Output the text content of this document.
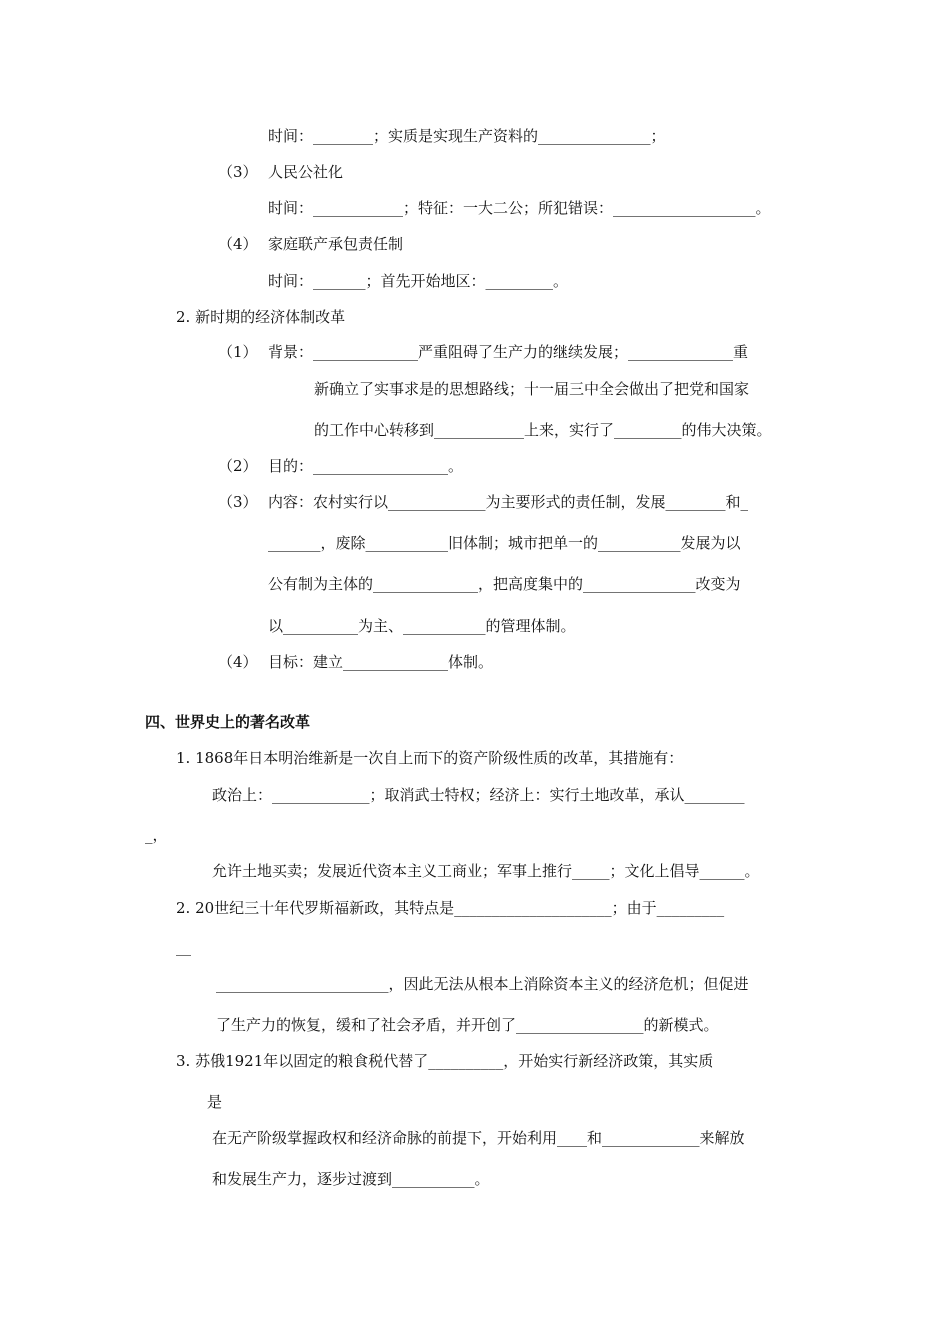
时间：________；实质是实现生产资料的_______________；
（3） 人民公社化
时间：____________；特征：一大二公；所犯错误：___________________。
（4） 家庭联产承包责任制
时间：_______；首先开始地区：_________。
2. 新时期的经济体制改革
（1） 背景：______________严重阻碍了生产力的继续发展；______________重
新确立了实事求是的思想路线；十一届三中全会做出了把党和国家
的工作中心转移到____________上来，实行了_________的伟大决策。
（2） 目的：__________________。
（3） 内容：农村实行以_____________为主要形式的责任制，发展________和_
_______，废除___________旧体制；城市把单一的___________发展为以
公有制为主体的______________，把高度集中的_______________改变为
以__________为主、___________的管理体制。
（4） 目标：建立______________体制。
四、世界史上的著名改革
1. 1868年日本明治维新是一次自上而下的资产阶级性质的改革，其措施有：
政治上：_____________；取消武士特权；经济上：实行土地改革，承认________
_，
允许土地买卖；发展近代资本主义工商业；军事上推行_____；文化上倡导______。
2. 20世纪三十年代罗斯福新政，其特点是_____________________；由于_________
__
_______________________，因此无法从根本上消除资本主义的经济危机；但促进
了生产力的恢复，缓和了社会矛盾，并开创了_________________的新模式。
3. 苏俄1921年以固定的粮食税代替了__________，开始实行新经济政策，其实质
是
在无产阶级掌握政权和经济命脉的前提下，开始利用____和_____________来解放
和发展生产力，逐步过渡到___________。
